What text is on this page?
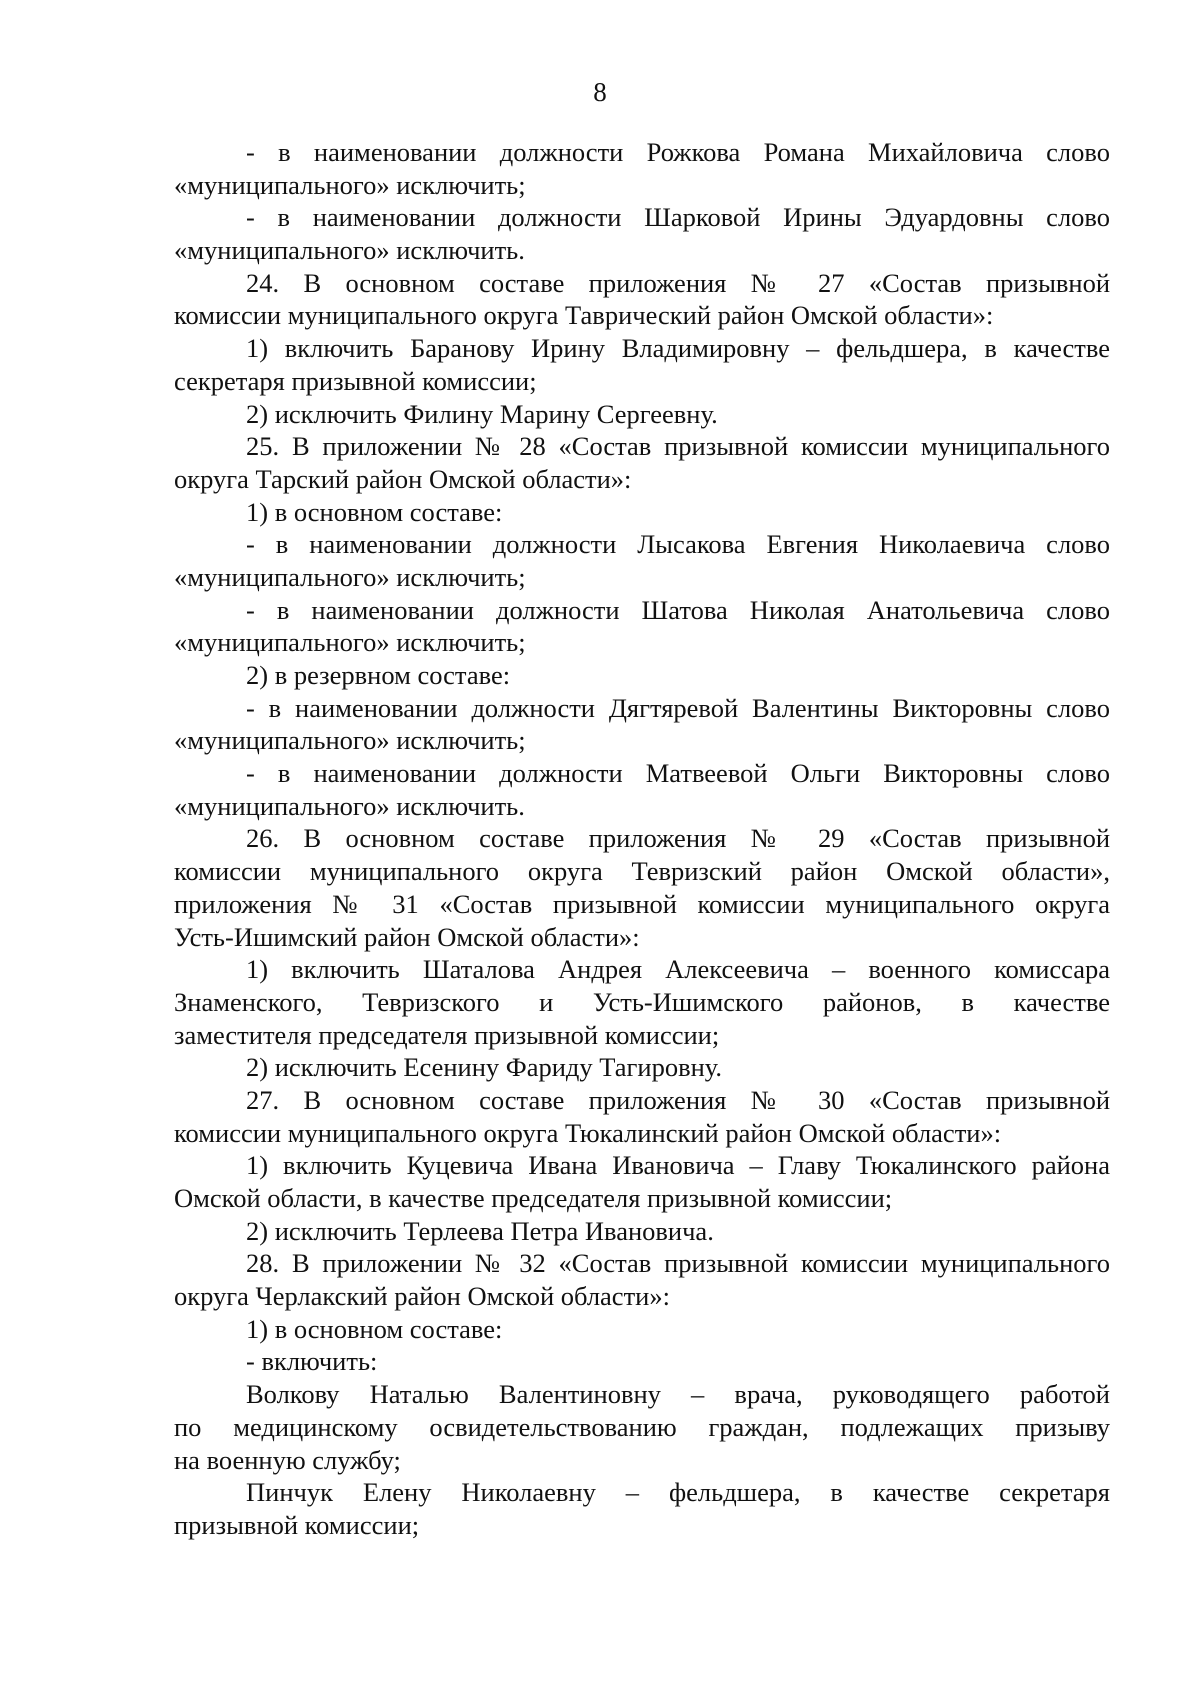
8
- в наименовании должности Рожкова Романа Михайловича слово
«муниципального» исключить;
- в наименовании должности Шарковой Ирины Эдуардовны слово
«муниципального» исключить.
24. В основном составе приложения № 27 «Состав призывной
комиссии муниципального округа Таврический район Омской области»:
1) включить Баранову Ирину Владимировну – фельдшера, в качестве
секретаря призывной комиссии;
2) исключить Филину Марину Сергеевну.
25. В приложении № 28 «Состав призывной комиссии муниципального
округа Тарский район Омской области»:
1) в основном составе:
- в наименовании должности Лысакова Евгения Николаевича слово
«муниципального» исключить;
- в наименовании должности Шатова Николая Анатольевича слово
«муниципального» исключить;
2) в резервном составе:
- в наименовании должности Дягтяревой Валентины Викторовны слово
«муниципального» исключить;
- в наименовании должности Матвеевой Ольги Викторовны слово
«муниципального» исключить.
26. В основном составе приложения № 29 «Состав призывной
комиссии муниципального округа Тевризский район Омской области»,
приложения № 31 «Состав призывной комиссии муниципального округа
Усть-Ишимский район Омской области»:
1) включить Шаталова Андрея Алексеевича – военного комиссара
Знаменского, Тевризского и Усть-Ишимского районов, в качестве
заместителя председателя призывной комиссии;
2) исключить Есенину Фариду Тагировну.
27. В основном составе приложения № 30 «Состав призывной
комиссии муниципального округа Тюкалинский район Омской области»:
1) включить Куцевича Ивана Ивановича – Главу Тюкалинского района
Омской области, в качестве председателя призывной комиссии;
2) исключить Терлеева Петра Ивановича.
28. В приложении № 32 «Состав призывной комиссии муниципального
округа Черлакский район Омской области»:
1) в основном составе:
- включить:
Волкову Наталью Валентиновну – врача, руководящего работой
по медицинскому освидетельствованию граждан, подлежащих призыву
на военную службу;
Пинчук Елену Николаевну – фельдшера, в качестве секретаря
призывной комиссии;
